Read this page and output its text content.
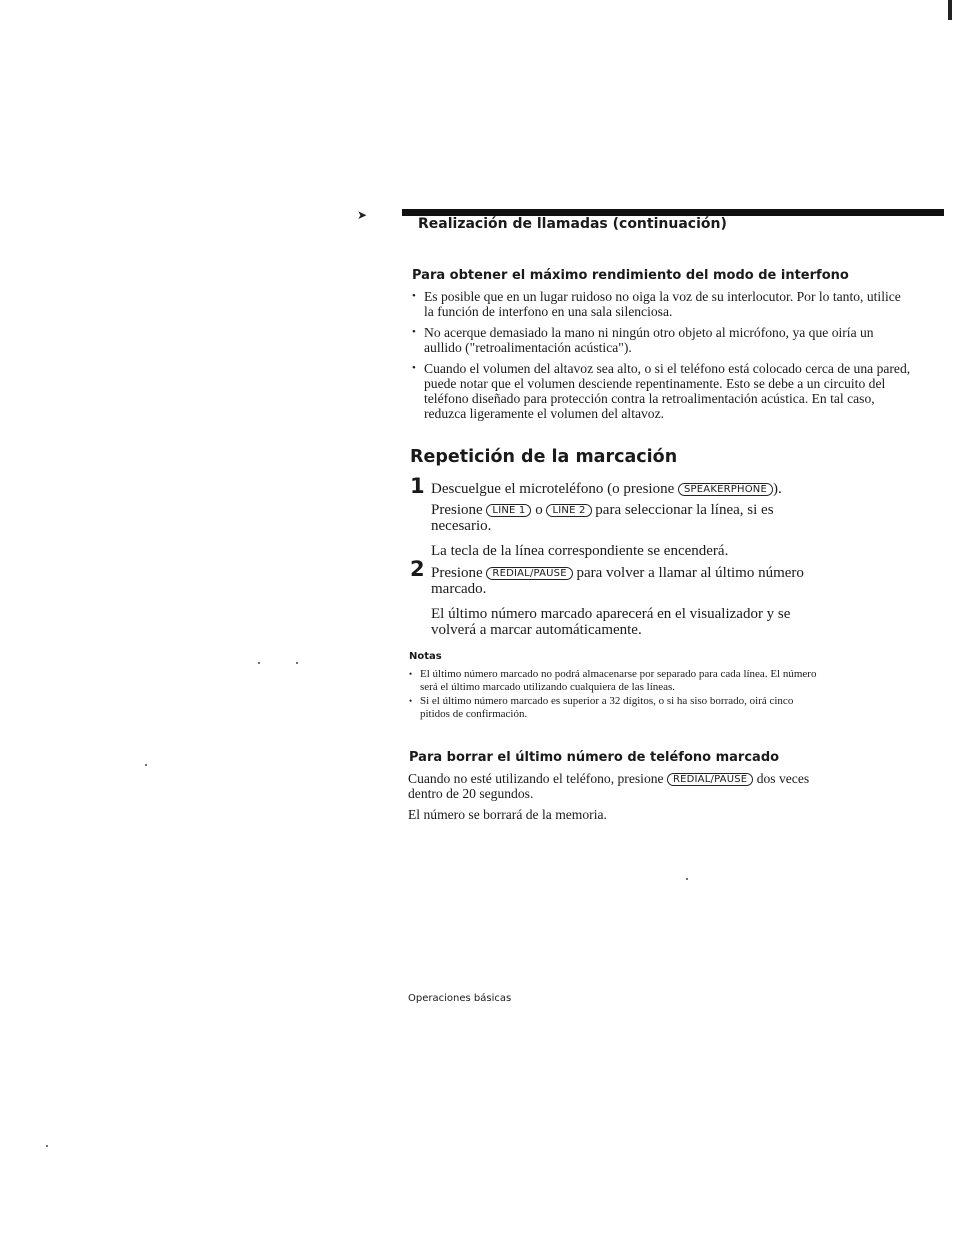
➤
Realización de llamadas (continuación)
Para obtener el máximo rendimiento del modo de interfono
• Es posible que en un lugar ruidoso no oiga la voz de su interlocutor. Por lo tanto, utilice la función de interfono en una sala silenciosa.
• No acerque demasiado la mano ni ningún otro objeto al micrófono, ya que oiría un aullido ("retroalimentación acústica").
• Cuando el volumen del altavoz sea alto, o si el teléfono está colocado cerca de una pared, puede notar que el volumen desciende repentinamente. Esto se debe a un circuito del teléfono diseñado para protección contra la retroalimentación acústica. En tal caso, reduzca ligeramente el volumen del altavoz.
Repetición de la marcación
1 Descuelgue el microteléfono (o presione SPEAKERPHONE ).

Presione LINE 1 o LINE 2 para seleccionar la línea, si es necesario.

La tecla de la línea correspondiente se encenderá.

2 Presione REDIAL/PAUSE para volver a llamar al último número marcado.

El último número marcado aparecerá en el visualizador y se volverá a marcar automáticamente.

Notas
• El último número marcado no podrá almacenarse por separado para cada línea. El número será el último marcado utilizando cualquiera de las líneas.
• Si el último número marcado es superior a 32 dígitos, o si ha siso borrado, oirá cinco pitidos de confirmación.
Para borrar el último número de teléfono marcado

Cuando no esté utilizando el teléfono, presione REDIAL/PAUSE dos veces dentro de 20 segundos.

El número se borrará de la memoria.

Operaciones básicas
